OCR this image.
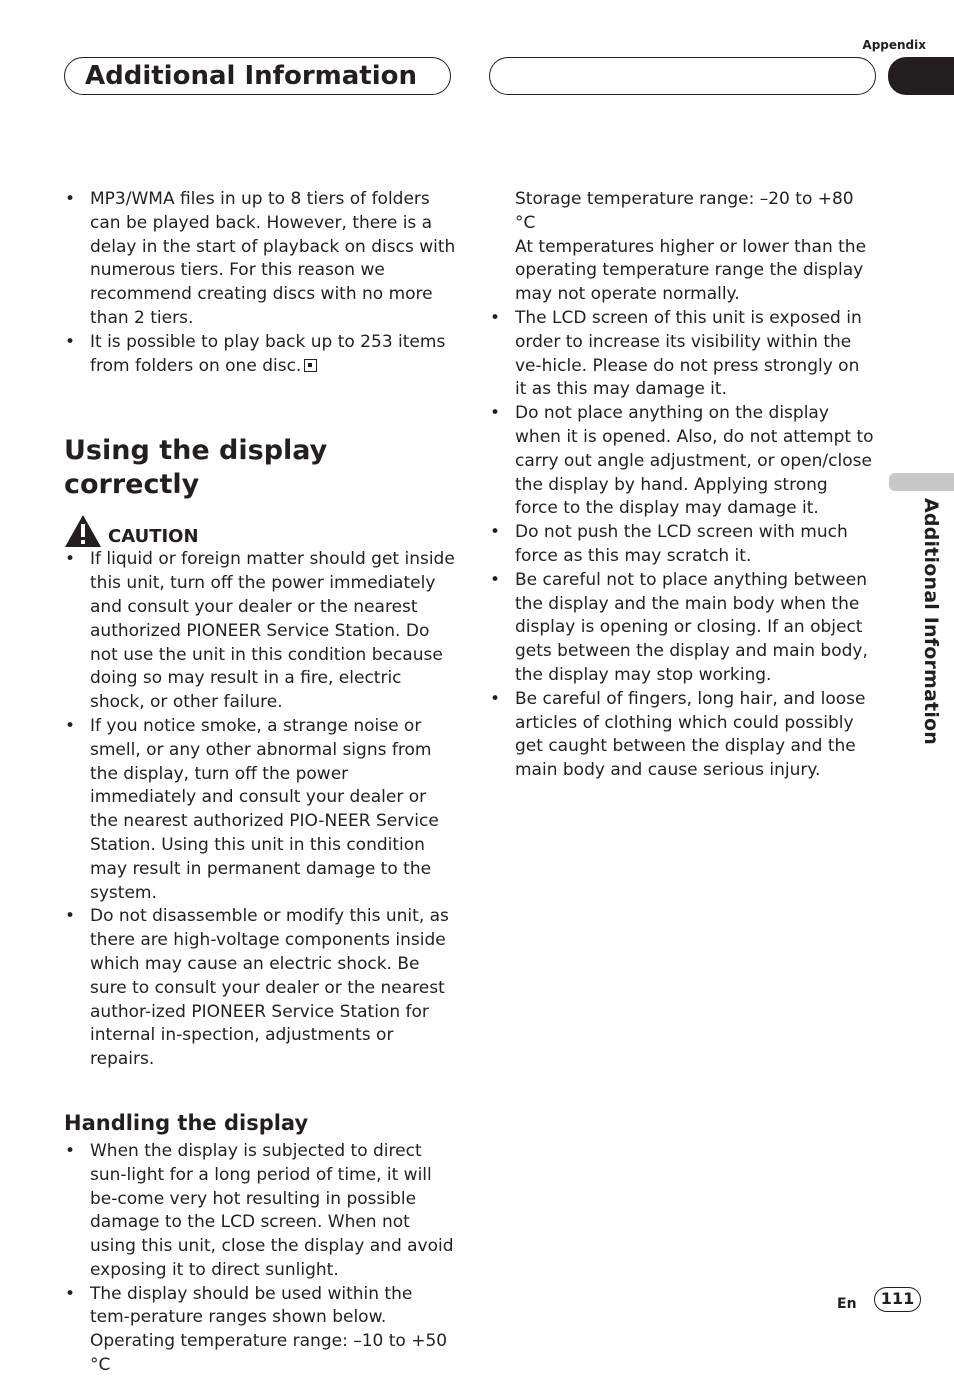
Appendix
Additional Information
Additional Information
• MP3/WMA files in up to 8 tiers of folders can be played back. However, there is a delay in the start of playback on discs with numerous tiers. For this reason we recommend creating discs with no more than 2 tiers.
• It is possible to play back up to 253 items from folders on one disc.
Using the display correctly
CAUTION
• If liquid or foreign matter should get inside this unit, turn off the power immediately and consult your dealer or the nearest authorized PIONEER Service Station. Do not use the unit in this condition because doing so may result in a fire, electric shock, or other failure.
• If you notice smoke, a strange noise or smell, or any other abnormal signs from the display, turn off the power immediately and consult your dealer or the nearest authorized PIO-NEER Service Station. Using this unit in this condition may result in permanent damage to the system.
• Do not disassemble or modify this unit, as there are high-voltage components inside which may cause an electric shock. Be sure to consult your dealer or the nearest author-ized PIONEER Service Station for internal in-spection, adjustments or repairs.
Handling the display
• When the display is subjected to direct sun-light for a long period of time, it will be-come very hot resulting in possible damage to the LCD screen. When not using this unit, close the display and avoid exposing it to direct sunlight.
• The display should be used within the tem-perature ranges shown below.
Operating temperature range: –10 to +50 °C
Storage temperature range: –20 to +80 °C
At temperatures higher or lower than the operating temperature range the display may not operate normally.
• The LCD screen of this unit is exposed in order to increase its visibility within the ve-hicle. Please do not press strongly on it as this may damage it.
• Do not place anything on the display when it is opened. Also, do not attempt to carry out angle adjustment, or open/close the display by hand. Applying strong force to the display may damage it.
• Do not push the LCD screen with much force as this may scratch it.
• Be careful not to place anything between the display and the main body when the display is opening or closing. If an object gets between the display and main body, the display may stop working.
• Be careful of fingers, long hair, and loose articles of clothing which could possibly get caught between the display and the main body and cause serious injury.
En	111
